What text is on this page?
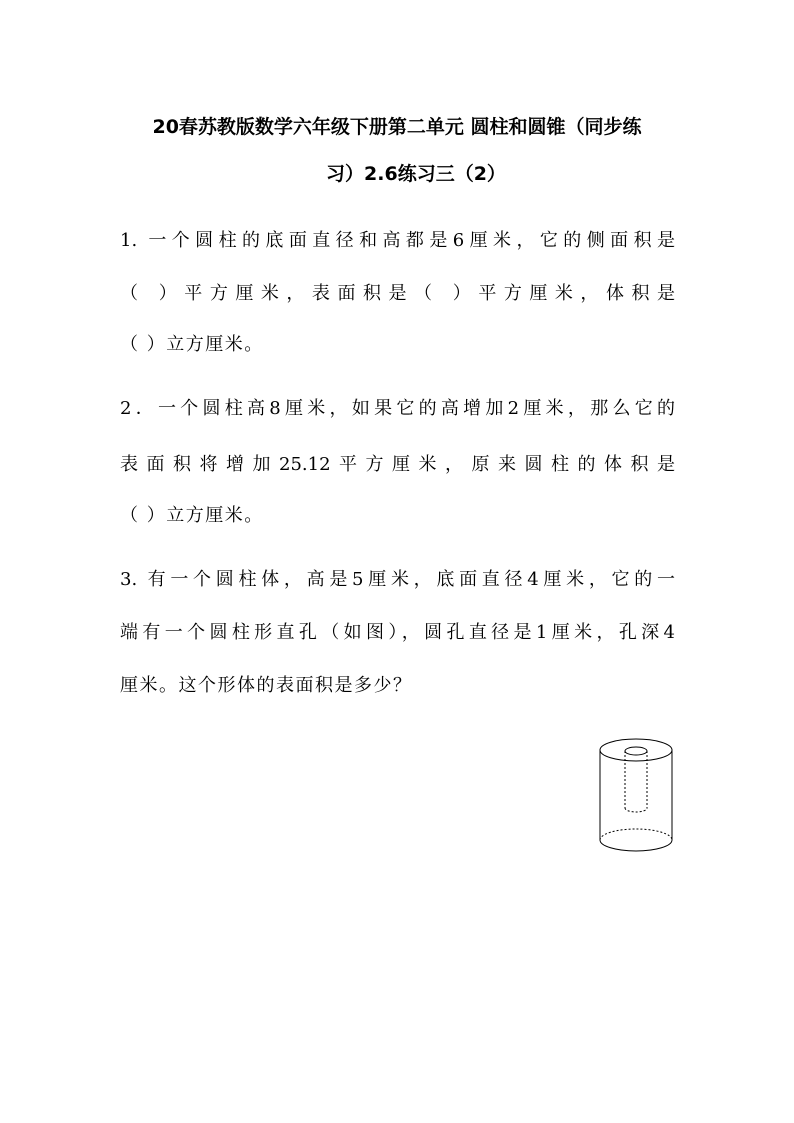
20春苏教版数学六年级下册第二单元 圆柱和圆锥（同步练
习）2.6练习三（2）
1. 一个圆柱的底面直径和高都是6厘米，它的侧面积是
（ ）平方厘米，表面积是（ ）平方厘米，体积是
（ ）立方厘米。
2．一个圆柱高8厘米，如果它的高增加2厘米，那么它的
表面积将增加25.12平方厘米，原来圆柱的体积是
（ ）立方厘米。
3. 有一个圆柱体，高是5厘米，底面直径4厘米，它的一
端有一个圆柱形直孔（如图），圆孔直径是1厘米，孔深4
厘米。这个形体的表面积是多少？
